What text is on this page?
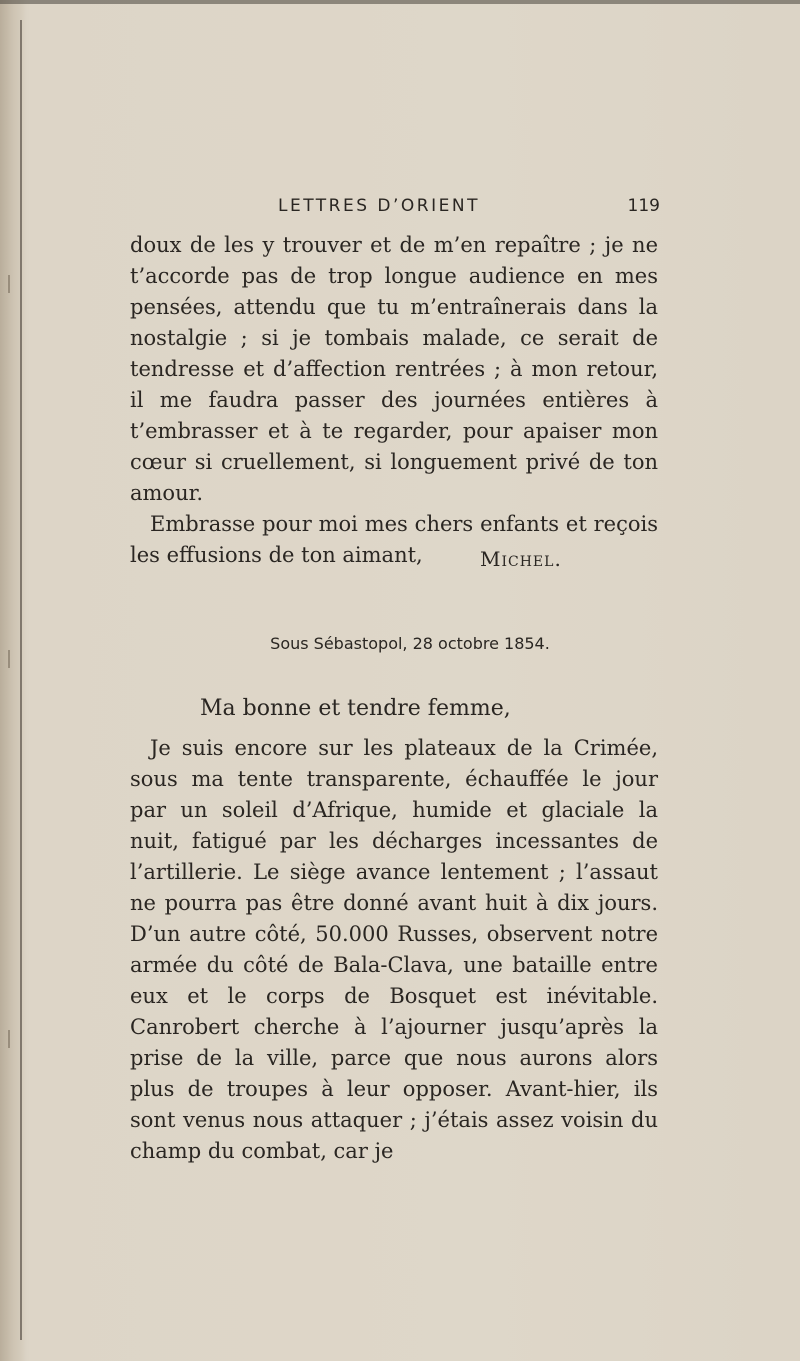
LETTRES D’ORIENT	119

doux de les y trouver et de m’en repaître ; je ne t’accorde pas de trop longue audience en mes pensées, attendu que tu m’entraînerais dans la nostalgie ; si je tombais malade, ce serait de tendresse et d’affection rentrées ; à mon retour, il me faudra passer des journées entières à t’embrasser et à te regarder, pour apaiser mon cœur si cruellement, si longuement privé de ton amour.

Embrasse pour moi mes chers enfants et reçois les effusions de ton aimant,	Michel.
Sous Sébastopol, 28 octobre 1854.
Ma bonne et tendre femme,

Je suis encore sur les plateaux de la Crimée, sous ma tente transparente, échauffée le jour par un soleil d’Afrique, humide et glaciale la nuit, fatigué par les décharges incessantes de l’artillerie. Le siège avance lentement ; l’assaut ne pourra pas être donné avant huit à dix jours. D’un autre côté, 50.000 Russes, observent notre armée du côté de Bala-Clava, une bataille entre eux et le corps de Bosquet est inévitable. Canrobert cherche à l’ajourner jusqu’après la prise de la ville, parce que nous aurons alors plus de troupes à leur opposer. Avant-hier, ils sont venus nous attaquer ; j’étais assez voisin du champ du combat, car je
